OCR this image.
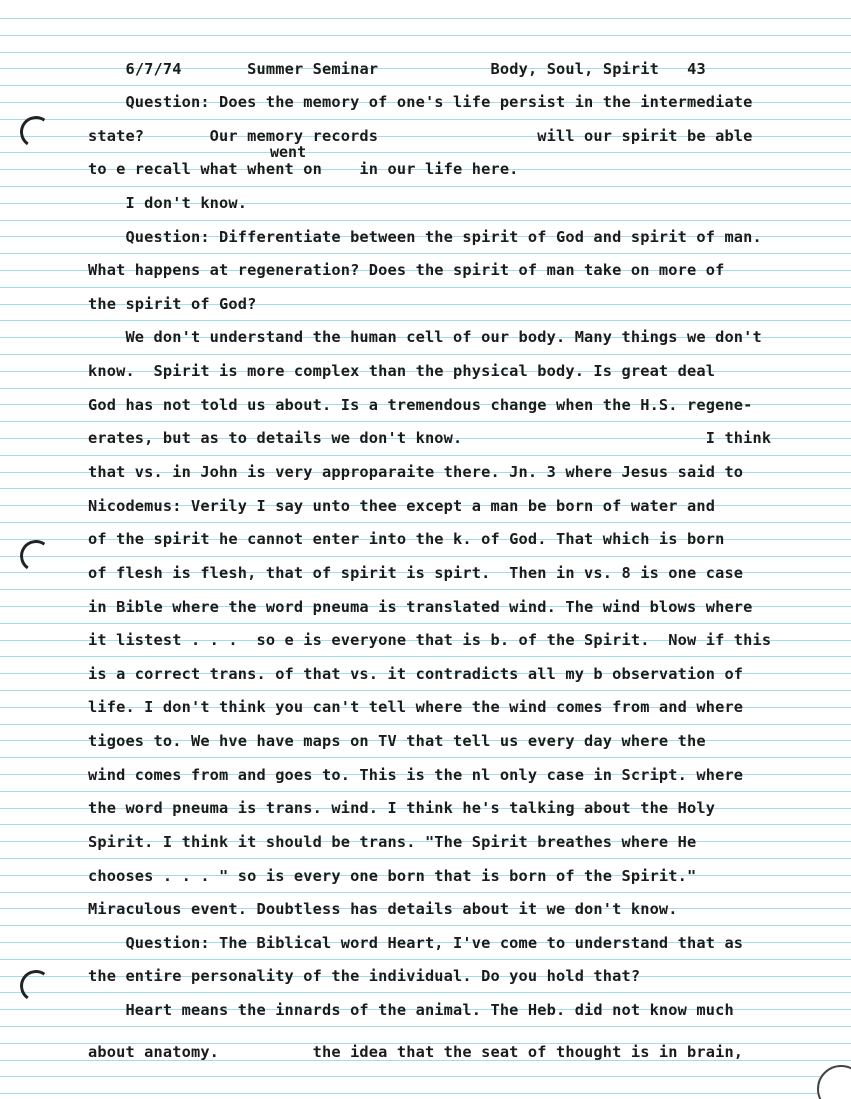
6/7/74	Summer Seminar	Body, Soul, Spirit 43

went

Question: Does the memory of one's life persist in the intermediate

state?       Our memory records                 will our spirit be able

to e recall what whent on    in our life here.

I don't know.

Question: Differentiate between the spirit of God and spirit of man.

What happens at regeneration? Does the spirit of man take on more of

the spirit of God?

We don't understand the human cell of our body. Many things we don't

know.  Spirit is more complex than the physical body. Is great deal

God has not told us about. Is a tremendous change when the H.S. regene-

erates, but as to details we don't know.                          I think

that vs. in John is very approparaite there. Jn. 3 where Jesus said to

Nicodemus: Verily I say unto thee except a man be born of water and

of the spirit he cannot enter into the k. of God. That which is born

of flesh is flesh, that of spirit is spirt.  Then in vs. 8 is one case

in Bible where the word pneuma is translated wind. The wind blows where

it listest . . .  so e is everyone that is b. of the Spirit.  Now if this

is a correct trans. of that vs. it contradicts all my b observation of

life. I don't think you can't tell where the wind comes from and where

tigoes to. We hve have maps on TV that tell us every day where the

wind comes from and goes to. This is the nl only case in Script. where

the word pneuma is trans. wind. I think he's talking about the Holy

Spirit. I think it should be trans. "The Spirit breathes where He

chooses . . . " so is every one born that is born of the Spirit."

Miraculous event. Doubtless has details about it we don't know.

Question: The Biblical word Heart, I've come to understand that as

the entire personality of the individual. Do you hold that?

Heart means the innards of the animal. The Heb. did not know much

about anatomy.          the idea that the seat of thought is in brain,
